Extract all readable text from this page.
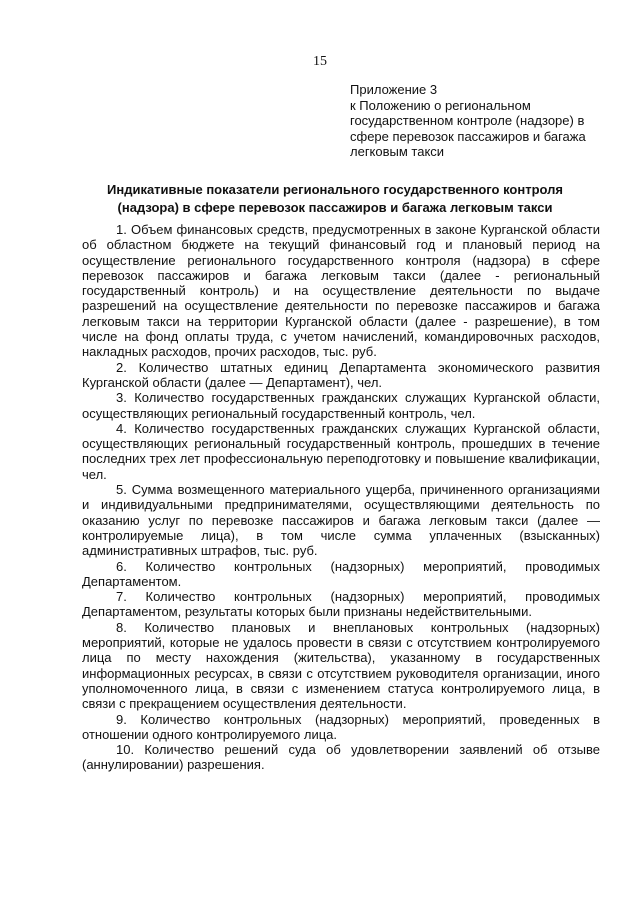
15
Приложение 3
к Положению о региональном
государственном контроле (надзоре) в
сфере перевозок пассажиров и багажа
легковым такси
Индикативные показатели регионального государственного контроля
(надзора) в сфере перевозок пассажиров и багажа легковым такси

1. Объем финансовых средств, предусмотренных в законе Курганской области об областном бюджете на текущий финансовый год и плановый период на осуществление регионального государственного контроля (надзора) в сфере перевозок пассажиров и багажа легковым такси (далее - региональный государственный контроль) и на осуществление деятельности по выдаче разрешений на осуществление деятельности по перевозке пассажиров и багажа легковым такси на территории Курганской области (далее - разрешение), в том числе на фонд оплаты труда, с учетом начислений, командировочных расходов, накладных расходов, прочих расходов, тыс. руб.

2. Количество штатных единиц Департамента экономического развития Курганской области (далее — Департамент), чел.

3. Количество государственных гражданских служащих Курганской области, осуществляющих региональный государственный контроль, чел.

4. Количество государственных гражданских служащих Курганской области, осуществляющих региональный государственный контроль, прошедших в течение последних трех лет профессиональную переподготовку и повышение квалификации, чел.

5. Сумма возмещенного материального ущерба, причиненного организациями и индивидуальными предпринимателями, осуществляющими деятельность по оказанию услуг по перевозке пассажиров и багажа легковым такси (далее — контролируемые лица), в том числе сумма уплаченных (взысканных) административных штрафов, тыс. руб.

6. Количество контрольных (надзорных) мероприятий, проводимых Департаментом.

7. Количество контрольных (надзорных) мероприятий, проводимых Департаментом, результаты которых были признаны недействительными.

8. Количество плановых и внеплановых контрольных (надзорных) мероприятий, которые не удалось провести в связи с отсутствием контролируемого лица по месту нахождения (жительства), указанному в государственных информационных ресурсах, в связи с отсутствием руководителя организации, иного уполномоченного лица, в связи с изменением статуса контролируемого лица, в связи с прекращением осуществления деятельности.

9. Количество контрольных (надзорных) мероприятий, проведенных в отношении одного контролируемого лица.

10. Количество решений суда об удовлетворении заявлений об отзыве (аннулировании) разрешения.
